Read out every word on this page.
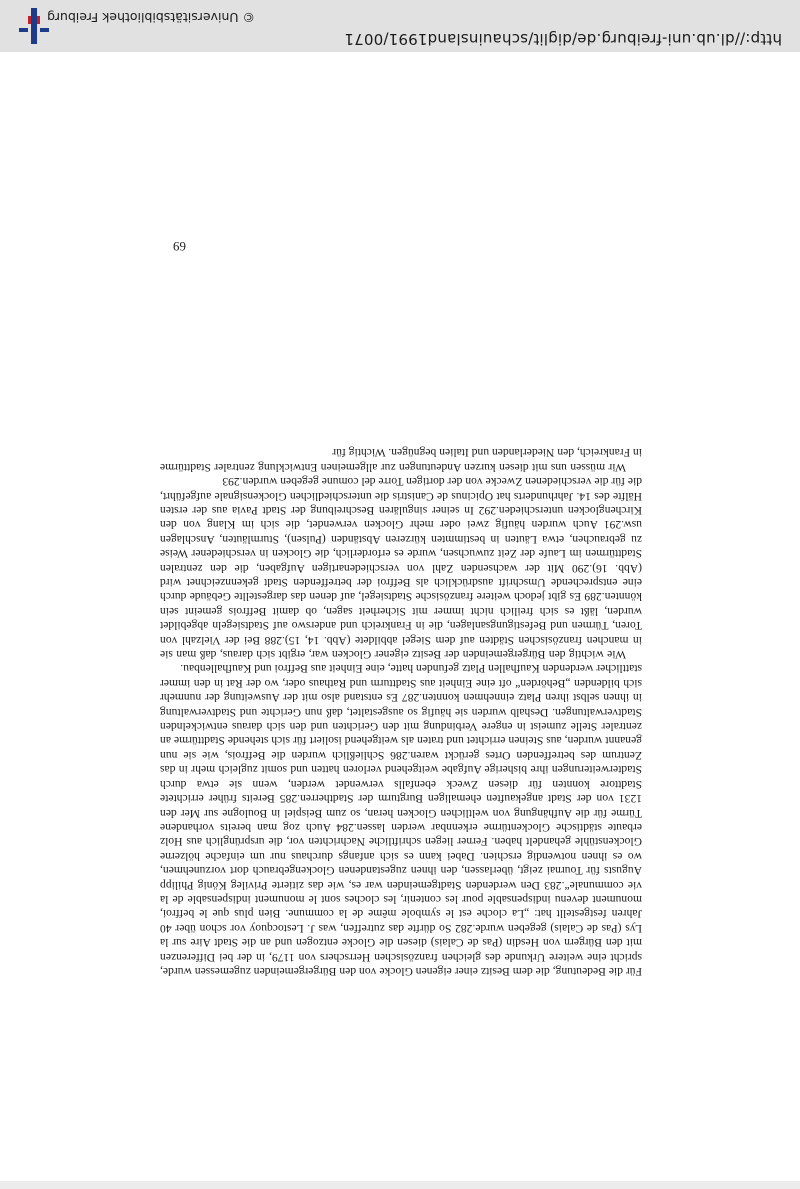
Für die Bedeutung, die dem Besitz einer eigenen Glocke von den Bürgergemeinden zugemessen wurde, spricht eine weitere Urkunde des gleichen französischen Herrschers von 1179, in der bei Differenzen mit den Bürgern von Hesdin (Pas de Calais) diesen die Glocke entzogen und an die Stadt Aire sur la Lys (Pas de Calais) gegeben wurde.282 So dürfte das zutreffen, was J. Lestocquoy vor schon über 40 Jahren festgestellt hat: „La cloche est le symbole même de la commune. Bien plus que le beffroi, monument devenu indispensable pour les contenir, les cloches sont le monument indispensable de la vie communale“.283 Den werdenden Stadtgemeinden war es, wie das zitierte Privileg König Philipp Augusts für Tournai zeigt, überlassen, den ihnen zugestandenen Glockengebrauch dort vorzunehmen, wo es ihnen notwendig erschien. Dabei kann es sich anfangs durchaus nur um einfache hölzerne Glockenstühle gehandelt haben. Ferner liegen schriftliche Nachrichten vor, die ursprünglich aus Holz erbaute städtische Glockentürme erkennbar werden lassen.284 Auch zog man bereits vorhandene Türme für die Aufhängung von weltlichen Glocken heran, so zum Beispiel in Boulogne sur Mer den 1231 von der Stadt angekauften ehemaligen Burgturm der Stadtherren.285 Bereits früher errichtete Stadttore konnten für diesen Zweck ebenfalls verwendet werden, wenn sie etwa durch Stadterweiterungen ihre bisherige Aufgabe weitgehend verloren hatten und somit zugleich mehr in das Zentrum des betreffenden Ortes gerückt waren.286 Schließlich wurden die Beffrois, wie sie nun genannt wurden, aus Steinen errichtet und traten als weitgehend isoliert für sich stehende Stadttürme an zentraler Stelle zumeist in engere Verbindung mit den Gerichten und den sich daraus entwickelnden Stadtverwaltungen. Deshalb wurden sie häufig so ausgestaltet, daß nun Gerichte und Stadtverwaltung in ihnen selbst ihren Platz einnehmen konnten.287 Es entstand also mit der Ausweitung der nunmehr sich bildenden „Behörden“ oft eine Einheit aus Stadtturm und Rathaus oder, wo der Rat in den immer stattlicher werdenden Kaufhallen Platz gefunden hatte, eine Einheit aus Beffroi und Kaufhallenbau.

Wie wichtig den Bürgergemeinden der Besitz eigener Glocken war, ergibt sich daraus, daß man sie in manchen französischen Städten auf dem Siegel abbildete (Abb. 14, 15).288 Bei der Vielzahl von Toren, Türmen und Befestigungsanlagen, die in Frankreich und anderswo auf Stadtsiegeln abgebildet wurden, läßt es sich freilich nicht immer mit Sicherheit sagen, ob damit Beffrois gemeint sein könnten.289 Es gibt jedoch weitere französische Stadtsiegel, auf denen das dargestellte Gebäude durch eine entsprechende Umschrift ausdrücklich als Beffroi der betreffenden Stadt gekennzeichnet wird (Abb. 16).290 Mit der wachsenden Zahl von verschiedenartigen Aufgaben, die den zentralen Stadttürmen im Laufe der Zeit zuwuchsen, wurde es erforderlich, die Glocken in verschiedener Weise zu gebrauchen, etwa Läuten in bestimmten kürzeren Abständen (Pulsen), Sturmläuten, Anschlagen usw.291 Auch wurden häufig zwei oder mehr Glocken verwendet, die sich im Klang von den Kirchenglocken unterschieden.292 In seiner singulären Beschreibung der Stadt Pavia aus der ersten Hälfte des 14. Jahrhunderts hat Opicinus de Canistris die unterschiedlichen Glockensignale aufgeführt, die für die verschiedenen Zwecke von der dortigen Torre del comune gegeben wurden.293

Wir müssen uns mit diesen kurzen Andeutungen zur allgemeinen Entwicklung zentraler Stadttürme in Frankreich, den Niederlanden und Italien begnügen. Wichtig für

69
http://dl.ub.uni-freiburg.de/diglit/schauinsland1991/0071
© Universitätsbibliothek Freiburg
